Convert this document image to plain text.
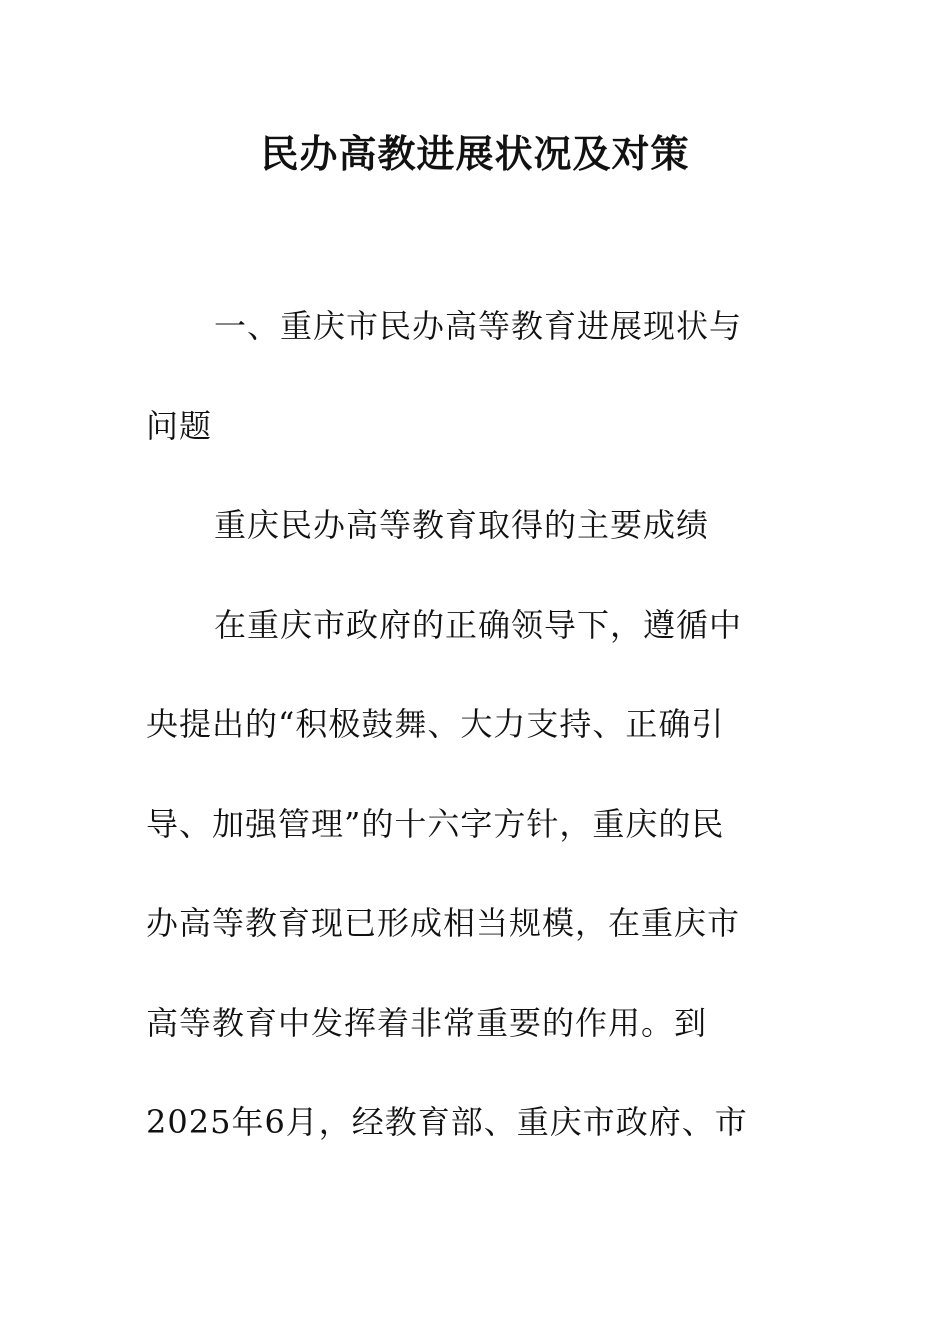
民办高教进展状况及对策
一、重庆市民办高等教育进展现状与
问题
重庆民办高等教育取得的主要成绩
在重庆市政府的正确领导下，遵循中
央提出的“积极鼓舞、大力支持、正确引
导、加强管理”的十六字方针，重庆的民
办高等教育现已形成相当规模，在重庆市
高等教育中发挥着非常重要的作用。到
2025年6月，经教育部、重庆市政府、市
